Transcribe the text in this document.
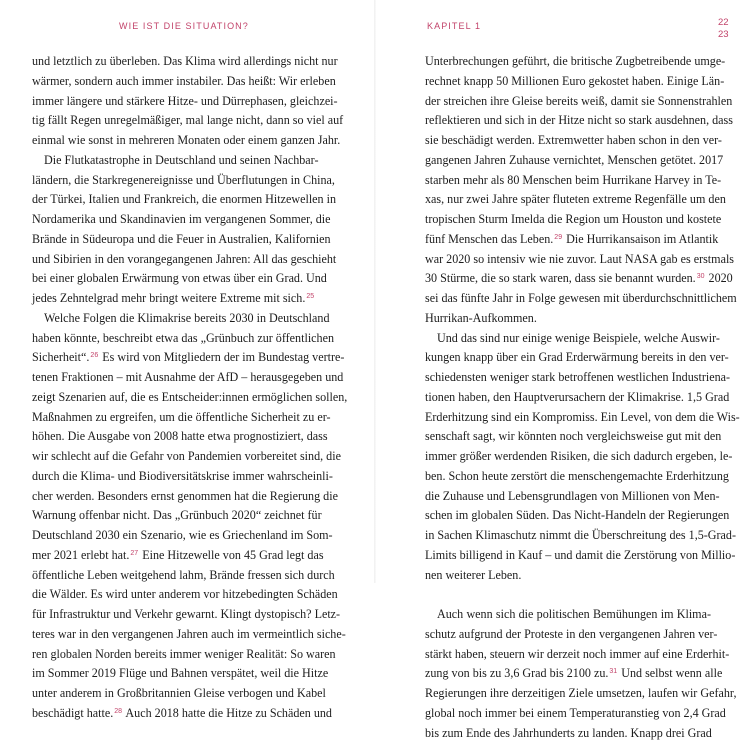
WIE IST DIE SITUATION?	KAPITEL 1	22
23
und letztlich zu überleben. Das Klima wird allerdings nicht nur
wärmer, sondern auch immer instabiler. Das heißt: Wir erleben
immer längere und stärkere Hitze- und Dürrephasen, gleichzei-
tig fällt Regen unregelmäßiger, mal lange nicht, dann so viel auf
einmal wie sonst in mehreren Monaten oder einem ganzen Jahr.
Die Flutkatastrophe in Deutschland und seinen Nachbar-
ländern, die Starkregenereignisse und Überflutungen in China,
der Türkei, Italien und Frankreich, die enormen Hitzewellen in
Nordamerika und Skandinavien im vergangenen Sommer, die
Brände in Südeuropa und die Feuer in Australien, Kalifornien
und Sibirien in den vorangegangenen Jahren: All das geschieht
bei einer globalen Erwärmung von etwas über ein Grad. Und
jedes Zehntelgrad mehr bringt weitere Extreme mit sich.$^{25}$
Welche Folgen die Klimakrise bereits 2030 in Deutschland
haben könnte, beschreibt etwa das „Grünbuch zur öffentlichen
Sicherheit“.$^{26}$ Es wird von Mitgliedern der im Bundestag vertre-
tenen Fraktionen – mit Ausnahme der AfD – herausgegeben und
zeigt Szenarien auf, die es Entscheider:innen ermöglichen sollen,
Maßnahmen zu ergreifen, um die öffentliche Sicherheit zu er-
höhen. Die Ausgabe von 2008 hatte etwa prognostiziert, dass
wir schlecht auf die Gefahr von Pandemien vorbereitet sind, die
durch die Klima- und Biodiversitätskrise immer wahrscheinli-
cher werden. Besonders ernst genommen hat die Regierung die
Warnung offenbar nicht. Das „Grünbuch 2020“ zeichnet für
Deutschland 2030 ein Szenario, wie es Griechenland im Som-
mer 2021 erlebt hat.$^{27}$ Eine Hitzewelle von 45 Grad legt das
öffentliche Leben weitgehend lahm, Brände fressen sich durch
die Wälder. Es wird unter anderem vor hitzebedingten Schäden
für Infrastruktur und Verkehr gewarnt. Klingt dystopisch? Letz-
teres war in den vergangenen Jahren auch im vermeintlich siche-
ren globalen Norden bereits immer weniger Realität: So waren
im Sommer 2019 Flüge und Bahnen verspätet, weil die Hitze
unter anderem in Großbritannien Gleise verbogen und Kabel
beschädigt hatte.$^{28}$ Auch 2018 hatte die Hitze zu Schäden und
Unterbrechungen geführt, die britische Zugbetreibende umge-
rechnet knapp 50 Millionen Euro gekostet haben. Einige Län-
der streichen ihre Gleise bereits weiß, damit sie Sonnenstrahlen
reflektieren und sich in der Hitze nicht so stark ausdehnen, dass
sie beschädigt werden. Extremwetter haben schon in den ver-
gangenen Jahren Zuhause vernichtet, Menschen getötet. 2017
starben mehr als 80 Menschen beim Hurrikane Harvey in Te-
xas, nur zwei Jahre später fluteten extreme Regenfälle um den
tropischen Sturm Imelda die Region um Houston und kostete
fünf Menschen das Leben.$^{29}$ Die Hurrikansaison im Atlantik
war 2020 so intensiv wie nie zuvor. Laut NASA gab es erstmals
30 Stürme, die so stark waren, dass sie benannt wurden.$^{30}$ 2020
sei das fünfte Jahr in Folge gewesen mit überdurchschnittlichem
Hurrikan-Aufkommen.
Und das sind nur einige wenige Beispiele, welche Auswir-
kungen knapp über ein Grad Erderwärmung bereits in den ver-
schiedensten weniger stark betroffenen westlichen Industriena-
tionen haben, den Hauptverursachern der Klimakrise. 1,5 Grad
Erderhitzung sind ein Kompromiss. Ein Level, von dem die Wis-
senschaft sagt, wir könnten noch vergleichsweise gut mit den
immer größer werdenden Risiken, die sich dadurch ergeben, le-
ben. Schon heute zerstört die menschengemachte Erderhitzung
die Zuhause und Lebensgrundlagen von Millionen von Men-
schen im globalen Süden. Das Nicht-Handeln der Regierungen
in Sachen Klimaschutz nimmt die Überschreitung des 1,5-Grad-
Limits billigend in Kauf – und damit die Zerstörung von Millio-
nen weiterer Leben.
Auch wenn sich die politischen Bemühungen im Klima-
schutz aufgrund der Proteste in den vergangenen Jahren ver-
stärkt haben, steuern wir derzeit noch immer auf eine Erderhit-
zung von bis zu 3,6 Grad bis 2100 zu.$^{31}$ Und selbst wenn alle
Regierungen ihre derzeitigen Ziele umsetzen, laufen wir Gefahr,
global noch immer bei einem Temperaturanstieg von 2,4 Grad
bis zum Ende des Jahrhunderts zu landen. Knapp drei Grad
